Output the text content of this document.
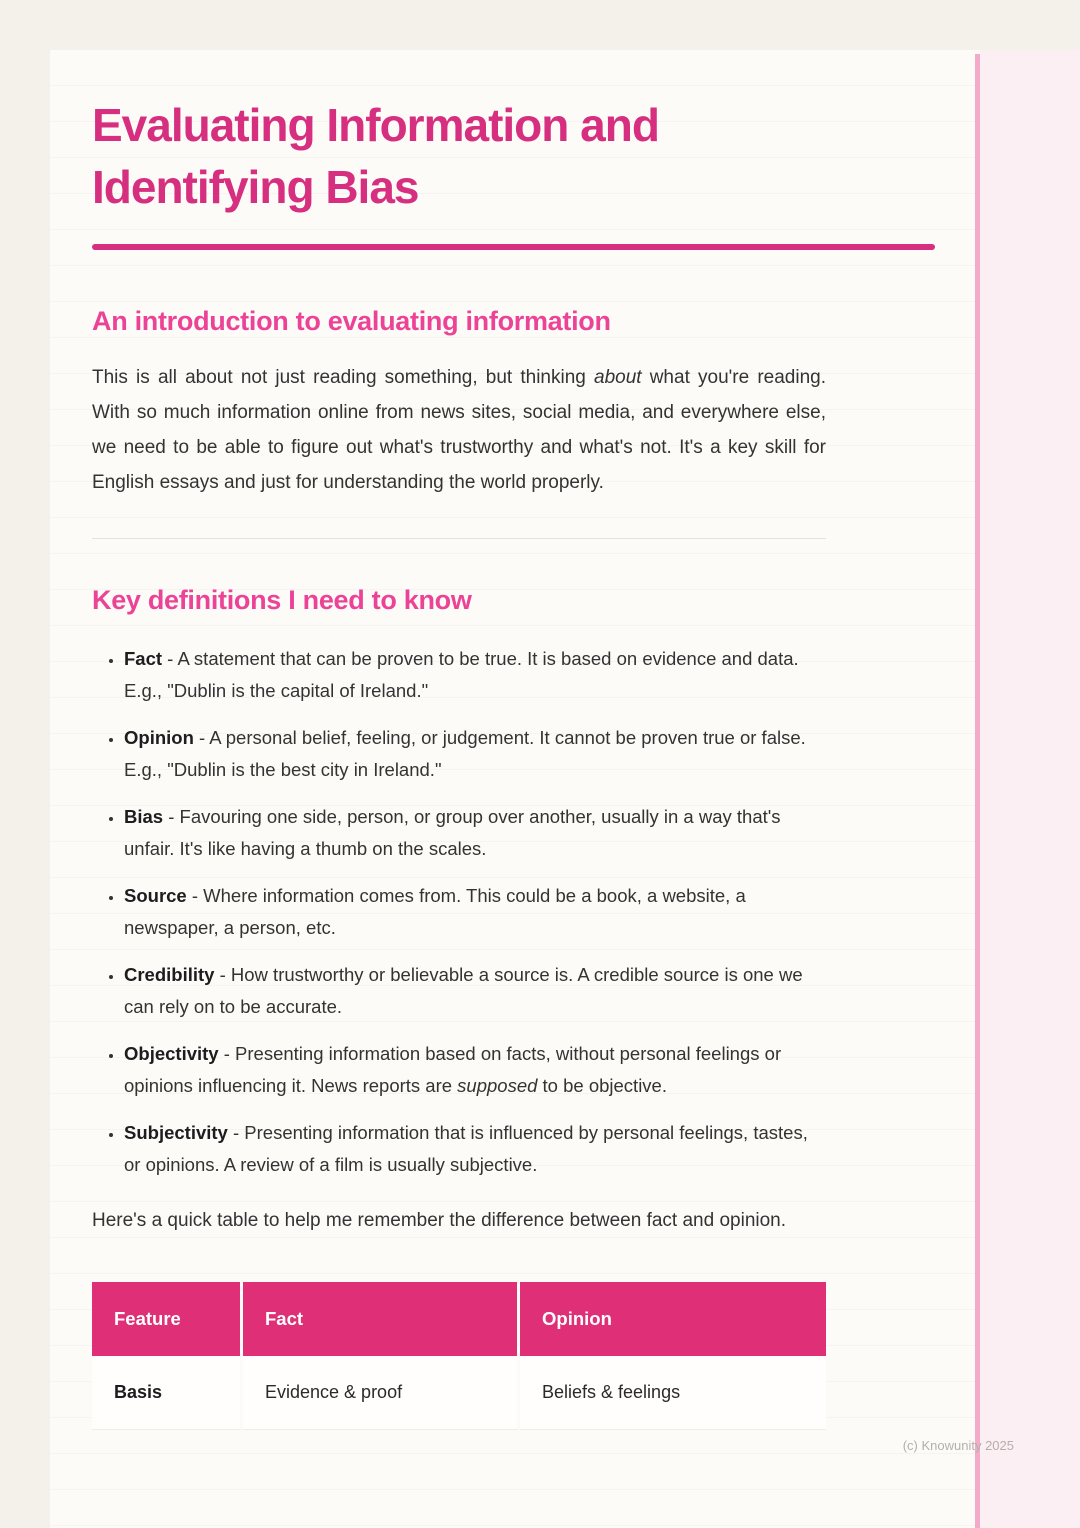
Evaluating Information and Identifying Bias
An introduction to evaluating information

This is all about not just reading something, but thinking about what you're reading. With so much information online from news sites, social media, and everywhere else, we need to be able to figure out what's trustworthy and what's not. It's a key skill for English essays and just for understanding the world properly.

Key definitions I need to know
• Fact - A statement that can be proven to be true. It is based on evidence and data. E.g., "Dublin is the capital of Ireland."
• Opinion - A personal belief, feeling, or judgement. It cannot be proven true or false. E.g., "Dublin is the best city in Ireland."
• Bias - Favouring one side, person, or group over another, usually in a way that's unfair. It's like having a thumb on the scales.
• Source - Where information comes from. This could be a book, a website, a newspaper, a person, etc.
• Credibility - How trustworthy or believable a source is. A credible source is one we can rely on to be accurate.
• Objectivity - Presenting information based on facts, without personal feelings or opinions influencing it. News reports are supposed to be objective.
• Subjectivity - Presenting information that is influenced by personal feelings, tastes, or opinions. A review of a film is usually subjective.

Here's a quick table to help me remember the difference between fact and opinion.

Feature	Fact	Opinion
Basis	Evidence & proof	Beliefs & feelings
(c) Knowunity 2025
